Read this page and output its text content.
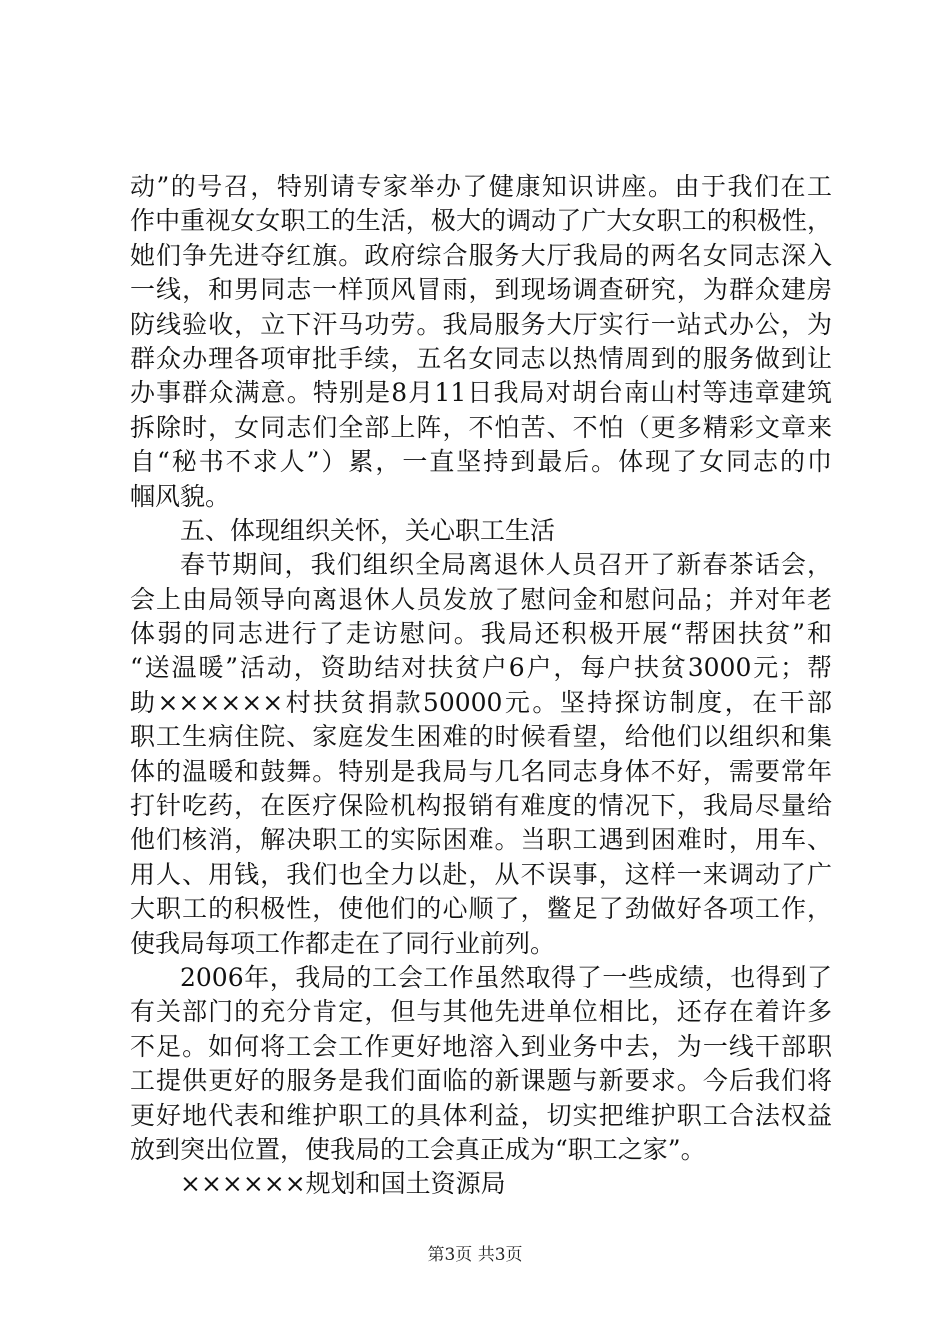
动”的号召，特别请专家举办了健康知识讲座。由于我们在工
作中重视女女职工的生活，极大的调动了广大女职工的积极性，
她们争先进夺红旗。政府综合服务大厅我局的两名女同志深入
一线，和男同志一样顶风冒雨，到现场调查研究，为群众建房
防线验收，立下汗马功劳。我局服务大厅实行一站式办公，为
群众办理各项审批手续，五名女同志以热情周到的服务做到让
办事群众满意。特别是8月11日我局对胡台南山村等违章建筑
拆除时，女同志们全部上阵，不怕苦、不怕（更多精彩文章来
自“秘书不求人”）累，一直坚持到最后。体现了女同志的巾
帼风貌。
五、体现组织关怀，关心职工生活
春节期间，我们组织全局离退休人员召开了新春茶话会，
会上由局领导向离退休人员发放了慰问金和慰问品；并对年老
体弱的同志进行了走访慰问。我局还积极开展“帮困扶贫”和
“送温暖”活动，资助结对扶贫户6户，每户扶贫3000元；帮
助××××××村扶贫捐款50000元。坚持探访制度，在干部
职工生病住院、家庭发生困难的时候看望，给他们以组织和集
体的温暖和鼓舞。特别是我局与几名同志身体不好，需要常年
打针吃药，在医疗保险机构报销有难度的情况下，我局尽量给
他们核消，解决职工的实际困难。当职工遇到困难时，用车、
用人、用钱，我们也全力以赴，从不误事，这样一来调动了广
大职工的积极性，使他们的心顺了，鳖足了劲做好各项工作，
使我局每项工作都走在了同行业前列。
2006年，我局的工会工作虽然取得了一些成绩，也得到了
有关部门的充分肯定，但与其他先进单位相比，还存在着许多
不足。如何将工会工作更好地溶入到业务中去，为一线干部职
工提供更好的服务是我们面临的新课题与新要求。今后我们将
更好地代表和维护职工的具体利益，切实把维护职工合法权益
放到突出位置，使我局的工会真正成为“职工之家”。
××××××规划和国土资源局
第3页 共3页
